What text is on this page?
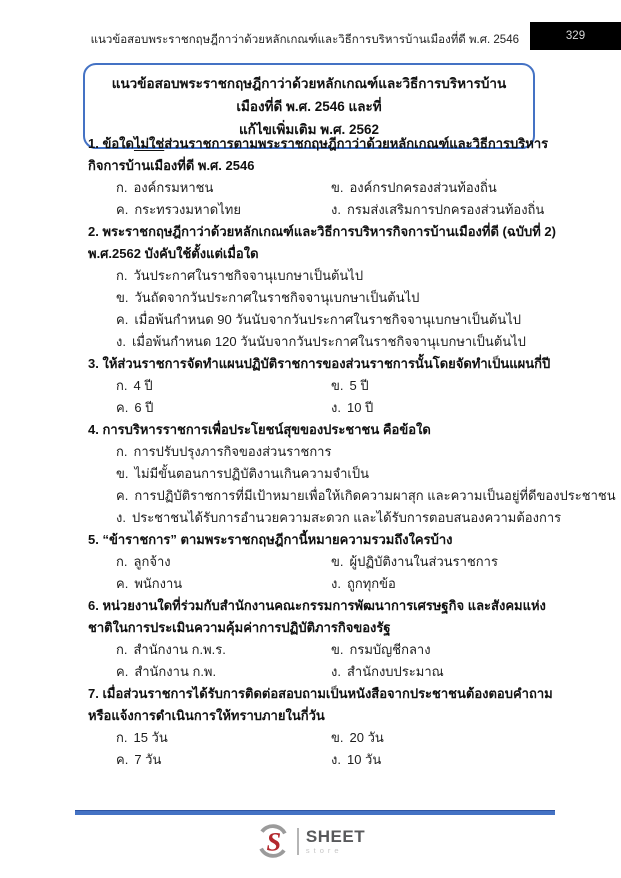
แนวข้อสอบพระราชกฤษฎีกาว่าด้วยหลักเกณฑ์และวิธีการบริหารบ้านเมืองที่ดี พ.ศ. 2546	329
แนวข้อสอบพระราชกฤษฎีกาว่าด้วยหลักเกณฑ์และวิธีการบริหารบ้านเมืองที่ดี พ.ศ. 2546 และที่
แก้ไขเพิ่มเติม พ.ศ. 2562
1. ข้อใดไม่ใช่ส่วนราชการตามพระราชกฤษฎีกาว่าด้วยหลักเกณฑ์และวิธีการบริหารกิจการบ้านเมืองที่ดี พ.ศ. 2546
ก. องค์กรมหาชน	ข. องค์กรปกครองส่วนท้องถิ่น
ค. กระทรวงมหาดไทย	ง. กรมส่งเสริมการปกครองส่วนท้องถิ่น
2. พระราชกฤษฎีกาว่าด้วยหลักเกณฑ์และวิธีการบริหารกิจการบ้านเมืองที่ดี (ฉบับที่ 2) พ.ศ.2562 บังคับใช้ตั้งแต่เมื่อใด
ก. วันประกาศในราชกิจจานุเบกษาเป็นต้นไป
ข. วันถัดจากวันประกาศในราชกิจจานุเบกษาเป็นต้นไป
ค. เมื่อพ้นกำหนด 90 วันนับจากวันประกาศในราชกิจจานุเบกษาเป็นต้นไป
ง. เมื่อพ้นกำหนด 120 วันนับจากวันประกาศในราชกิจจานุเบกษาเป็นต้นไป
3. ให้ส่วนราชการจัดทำแผนปฏิบัติราชการของส่วนราชการนั้นโดยจัดทำเป็นแผนกี่ปี
ก. 4 ปี	ข. 5 ปี
ค. 6 ปี	ง. 10 ปี
4. การบริหารราชการเพื่อประโยชน์สุขของประชาชน คือข้อใด
ก. การปรับปรุงภารกิจของส่วนราชการ
ข. ไม่มีขั้นตอนการปฏิบัติงานเกินความจำเป็น
ค. การปฏิบัติราชการที่มีเป้าหมายเพื่อให้เกิดความผาสุก และความเป็นอยู่ที่ดีของประชาชน
ง. ประชาชนได้รับการอำนวยความสะดวก และได้รับการตอบสนองความต้องการ
5. “ข้าราชการ” ตามพระราชกฤษฎีกานี้หมายความรวมถึงใครบ้าง
ก. ลูกจ้าง	ข. ผู้ปฏิบัติงานในส่วนราชการ
ค. พนักงาน	ง. ถูกทุกข้อ
6. หน่วยงานใดที่ร่วมกับสำนักงานคณะกรรมการพัฒนาการเศรษฐกิจ และสังคมแห่งชาติในการประเมินความคุ้มค่าการปฏิบัติภารกิจของรัฐ
ก. สำนักงาน ก.พ.ร.	ข. กรมบัญชีกลาง
ค. สำนักงาน ก.พ.	ง. สำนักงบประมาณ
7. เมื่อส่วนราชการได้รับการติดต่อสอบถามเป็นหนังสือจากประชาชนต้องตอบคำถามหรือแจ้งการดำเนินการให้ทราบภายในกี่วัน
ก. 15 วัน	ข. 20 วัน
ค. 7 วัน	ง. 10 วัน
S SHEET
store
